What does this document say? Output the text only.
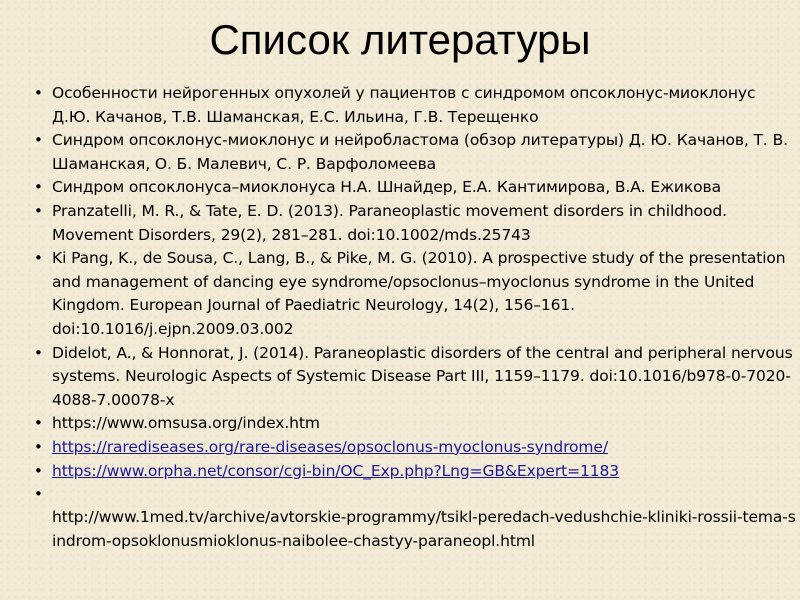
Список литературы
• Особенности нейрогенных опухолей у пациентов с синдромом опсоклонус-миоклонус Д.Ю. Качанов, Т.В. Шаманская, Е.С. Ильина, Г.В. Терещенко
• Синдром опсоклонус-миоклонус и нейробластома (обзор литературы) Д. Ю. Качанов, Т. В. Шаманская, О. Б. Малевич, С. Р. Варфоломеева
• Синдром опсоклонуса–миоклонуса Н.А. Шнайдер, Е.А. Кантимирова, В.А. Ежикова
• Pranzatelli, M. R., & Tate, E. D. (2013). Paraneoplastic movement disorders in childhood. Movement Disorders, 29(2), 281–281. doi:10.1002/mds.25743
• Ki Pang, K., de Sousa, C., Lang, B., & Pike, M. G. (2010). A prospective study of the presentation and management of dancing eye syndrome/opsoclonus–myoclonus syndrome in the United Kingdom. European Journal of Paediatric Neurology, 14(2), 156–161. doi:10.1016/j.ejpn.2009.03.002
• Didelot, A., & Honnorat, J. (2014). Paraneoplastic disorders of the central and peripheral nervous systems. Neurologic Aspects of Systemic Disease Part III, 1159–1179. doi:10.1016/b978-0-7020-4088-7.00078-x
• https://www.omsusa.org/index.htm
• https://rarediseases.org/rare-diseases/opsoclonus-myoclonus-syndrome/
• https://www.orpha.net/consor/cgi-bin/OC_Exp.php?Lng=GB&Expert=1183
•
http://www.1med.tv/archive/avtorskie-programmy/tsikl-peredach-vedushchie-kliniki-rossii-tema-sindrom-opsoklonusmioklonus-naibolee-chastyy-paraneopl.html
